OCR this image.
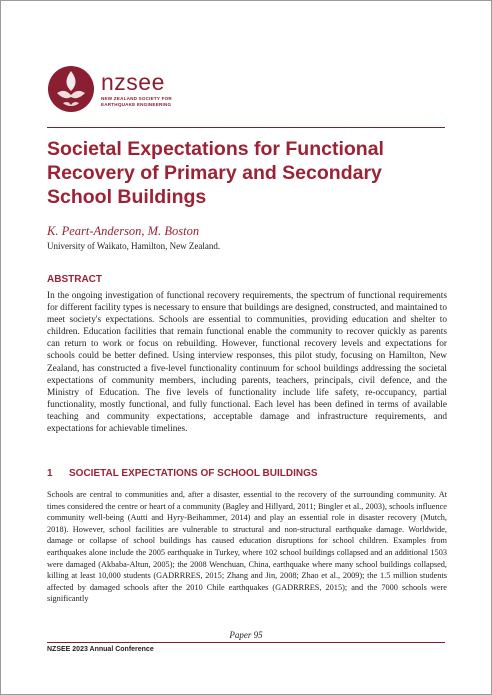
nzsee
NEW ZEALAND SOCIETY FOR
EARTHQUAKE ENGINEERING
Societal Expectations for Functional Recovery of Primary and Secondary School Buildings
K. Peart-Anderson, M. Boston
University of Waikato, Hamilton, New Zealand.
ABSTRACT
In the ongoing investigation of functional recovery requirements, the spectrum of functional requirements for different facility types is necessary to ensure that buildings are designed, constructed, and maintained to meet society's expectations. Schools are essential to communities, providing education and shelter to children. Education facilities that remain functional enable the community to recover quickly as parents can return to work or focus on rebuilding. However, functional recovery levels and expectations for schools could be better defined. Using interview responses, this pilot study, focusing on Hamilton, New Zealand, has constructed a five-level functionality continuum for school buildings addressing the societal expectations of community members, including parents, teachers, principals, civil defence, and the Ministry of Education. The five levels of functionality include life safety, re-occupancy, partial functionality, mostly functional, and fully functional. Each level has been defined in terms of available teaching and community expectations, acceptable damage and infrastructure requirements, and expectations for achievable timelines.
1 SOCIETAL EXPECTATIONS OF SCHOOL BUILDINGS
Schools are central to communities and, after a disaster, essential to the recovery of the surrounding community. At times considered the centre or heart of a community (Bagley and Hillyard, 2011; Bingler et al., 2003), schools influence community well-being (Autti and Hyry-Beihammer, 2014) and play an essential role in disaster recovery (Mutch, 2018). However, school facilities are vulnerable to structural and non-structural earthquake damage. Worldwide, damage or collapse of school buildings has caused education disruptions for school children. Examples from earthquakes alone include the 2005 earthquake in Turkey, where 102 school buildings collapsed and an additional 1503 were damaged (Akbaba-Altun, 2005); the 2008 Wenchuan, China, earthquake where many school buildings collapsed, killing at least 10,000 students (GADRRRES, 2015; Zhang and Jin, 2008; Zhao et al., 2009); the 1.5 million students affected by damaged schools after the 2010 Chile earthquakes (GADRRRES, 2015); and the 7000 schools were significantly
Paper 95
NZSEE 2023 Annual Conference
